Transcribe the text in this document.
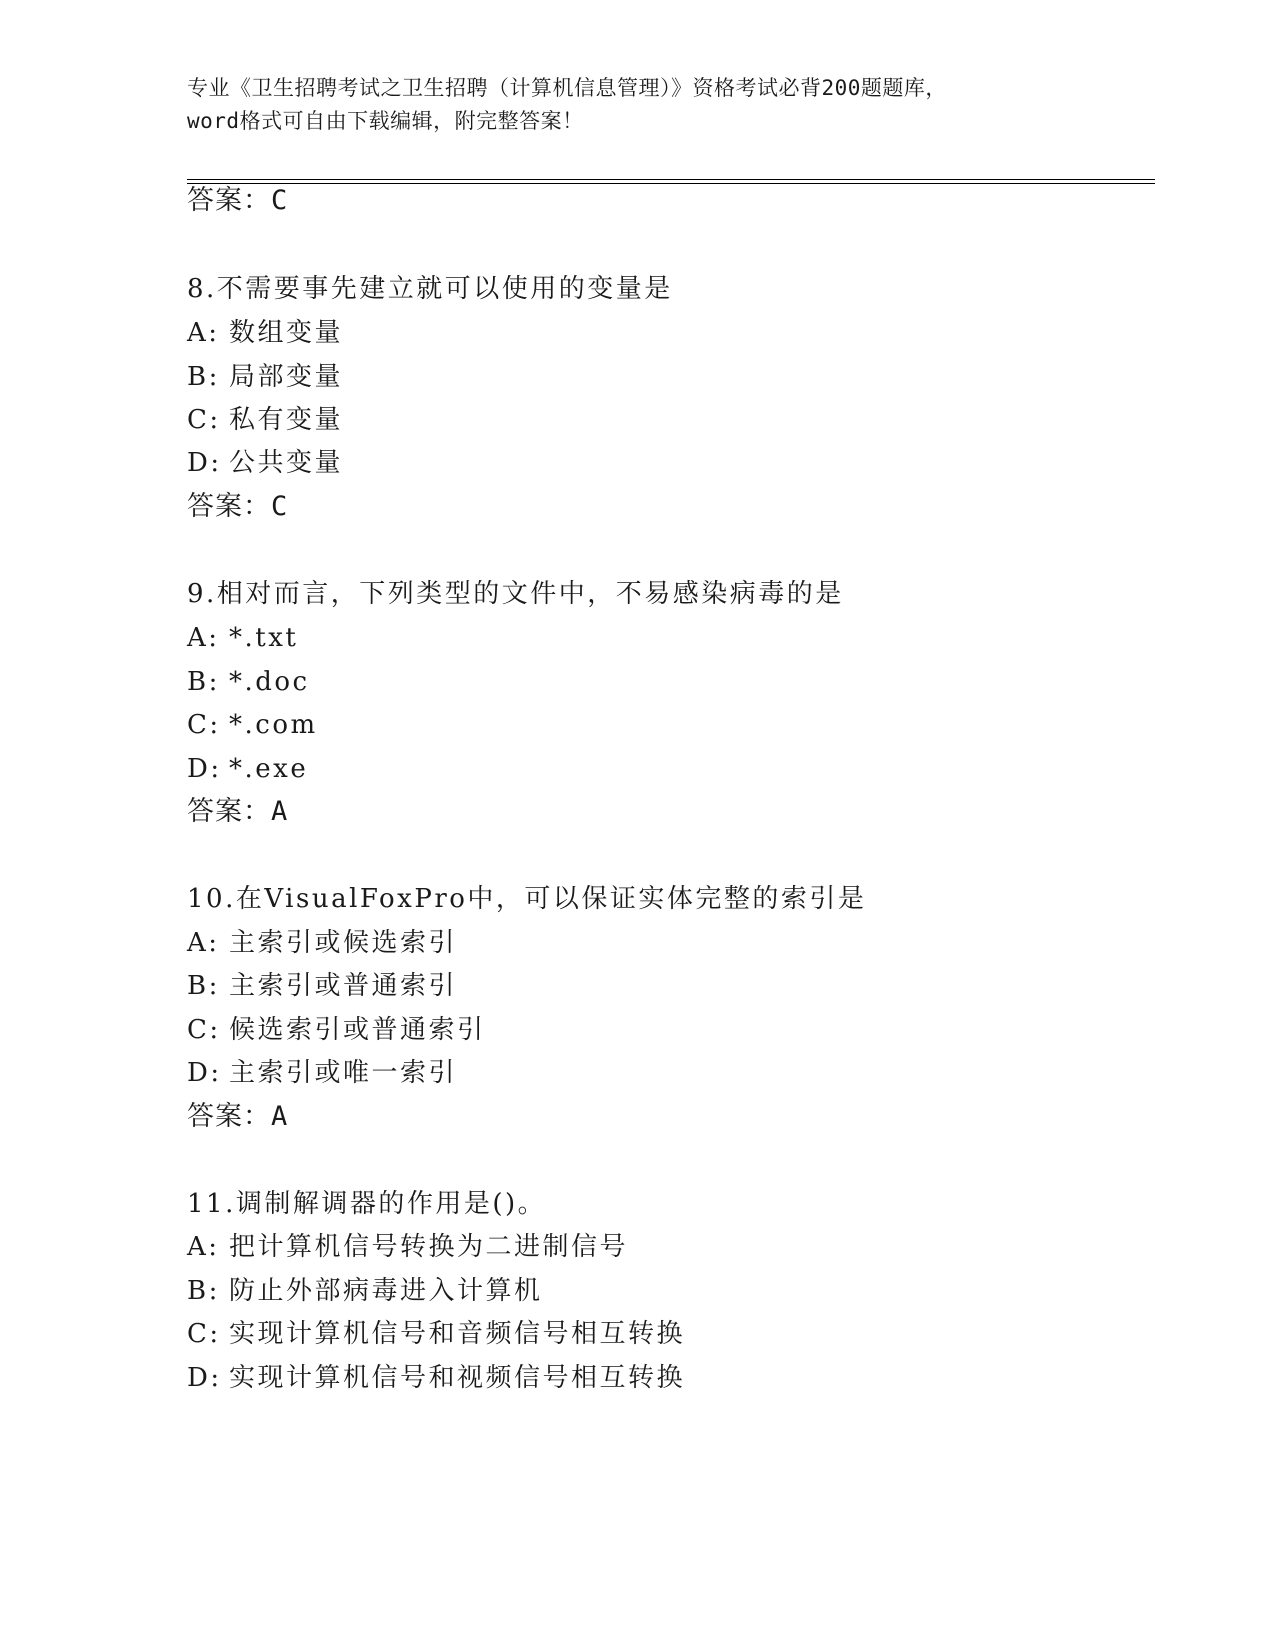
专业《卫生招聘考试之卫生招聘（计算机信息管理）》资格考试必背200题题库，
word格式可自由下载编辑，附完整答案！
答案：C
8.不需要事先建立就可以使用的变量是
A: 数组变量
B: 局部变量
C: 私有变量
D: 公共变量
答案：C
9.相对而言，下列类型的文件中，不易感染病毒的是
A: *.txt
B: *.doc
C: *.com
D: *.exe
答案：A
10.在VisualFoxPro中，可以保证实体完整的索引是
A: 主索引或候选索引
B: 主索引或普通索引
C: 候选索引或普通索引
D: 主索引或唯一索引
答案：A
11.调制解调器的作用是()。
A: 把计算机信号转换为二进制信号
B: 防止外部病毒进入计算机
C: 实现计算机信号和音频信号相互转换
D: 实现计算机信号和视频信号相互转换
